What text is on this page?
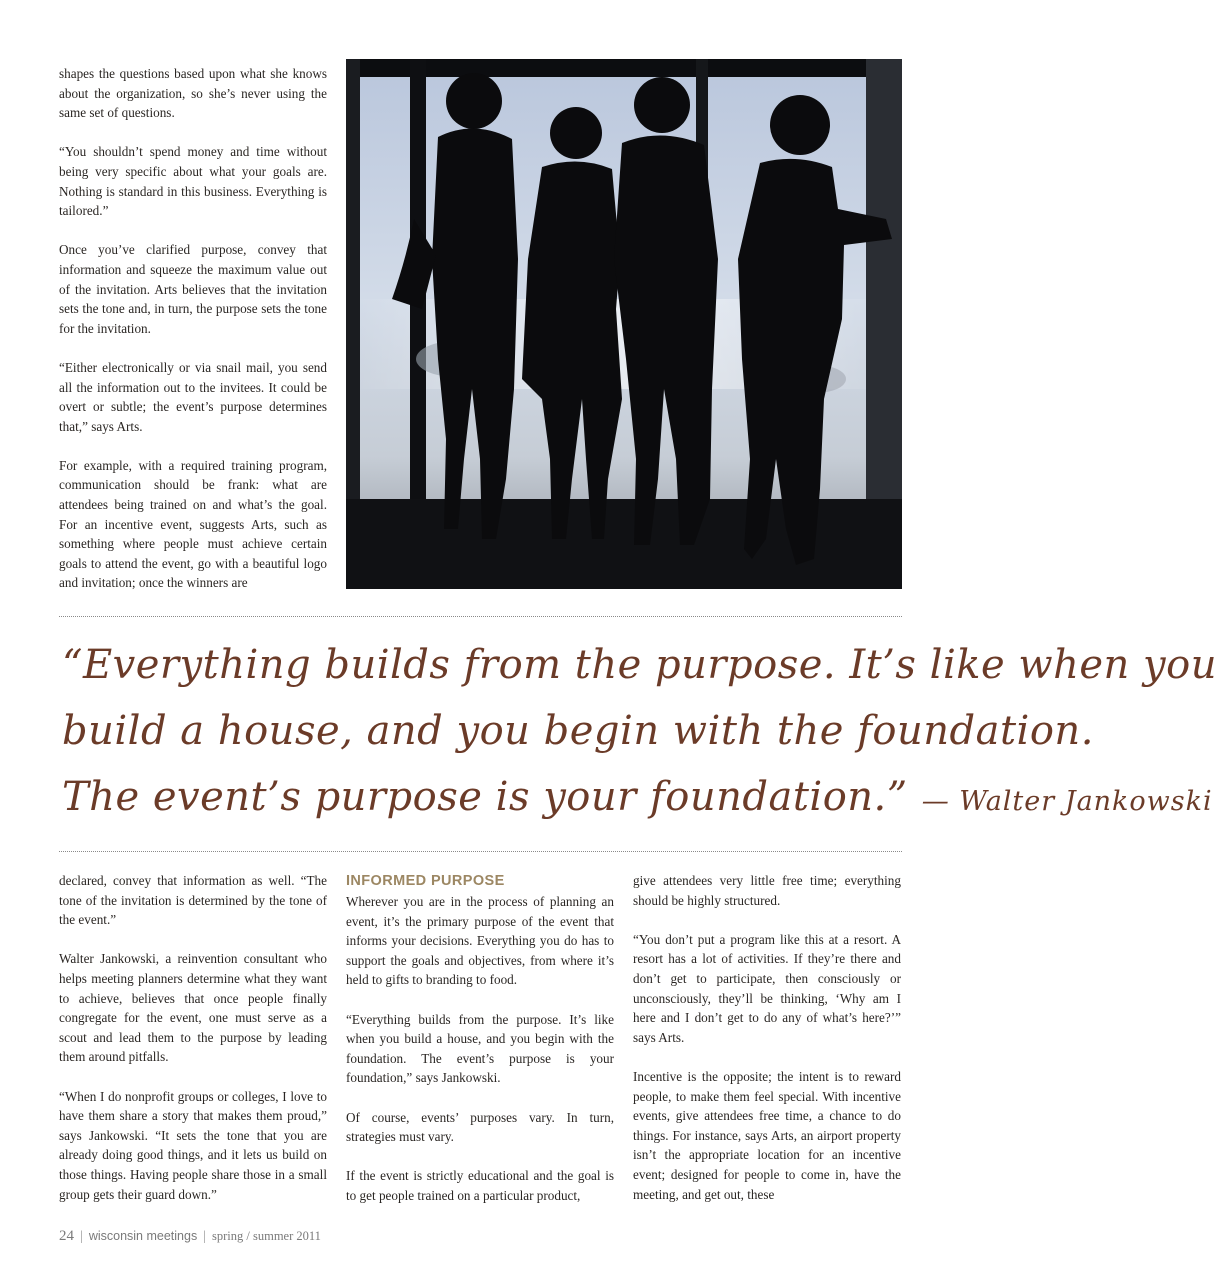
shapes the questions based upon what she knows about the organization, so she’s never using the same set of questions.

“You shouldn’t spend money and time without being very specific about what your goals are. Nothing is standard in this business. Everything is tailored.”

Once you’ve clarified purpose, convey that information and squeeze the maximum value out of the invitation. Arts believes that the invitation sets the tone and, in turn, the purpose sets the tone for the invitation.

“Either electronically or via snail mail, you send all the information out to the invitees. It could be overt or subtle; the event’s purpose determines that,” says Arts.

For example, with a required training program, communication should be frank: what are attendees being trained on and what’s the goal. For an incentive event, suggests Arts, such as something where people must achieve certain goals to attend the event, go with a beautiful logo and invitation; once the winners are

“Everything builds from the purpose. It’s like when you
build a house, and you begin with the foundation.
The event’s purpose is your foundation.” — Walter Jankowski

declared, convey that information as well. “The tone of the invitation is determined by the tone of the event.”

Walter Jankowski, a reinvention consultant who helps meeting planners determine what they want to achieve, believes that once people finally congregate for the event, one must serve as a scout and lead them to the purpose by leading them around pitfalls.

“When I do nonprofit groups or colleges, I love to have them share a story that makes them proud,” says Jankowski. “It sets the tone that you are already doing good things, and it lets us build on those things. Having people share those in a small group gets their guard down.”

INFORMED PURPOSE

Wherever you are in the process of planning an event, it’s the primary purpose of the event that informs your decisions. Everything you do has to support the goals and objectives, from where it’s held to gifts to branding to food.

“Everything builds from the purpose. It’s like when you build a house, and you begin with the foundation. The event’s purpose is your foundation,” says Jankowski.

Of course, events’ purposes vary. In turn, strategies must vary.

If the event is strictly educational and the goal is to get people trained on a particular product,

give attendees very little free time; everything should be highly structured.

“You don’t put a program like this at a resort. A resort has a lot of activities. If they’re there and don’t get to participate, then consciously or unconsciously, they’ll be thinking, ‘Why am I here and I don’t get to do any of what’s here?’” says Arts.

Incentive is the opposite; the intent is to reward people, to make them feel special. With incentive events, give attendees free time, a chance to do things. For instance, says Arts, an airport property isn’t the appropriate location for an incentive event; designed for people to come in, have the meeting, and get out, these

24 | wisconsin meetings | spring / summer 2011
